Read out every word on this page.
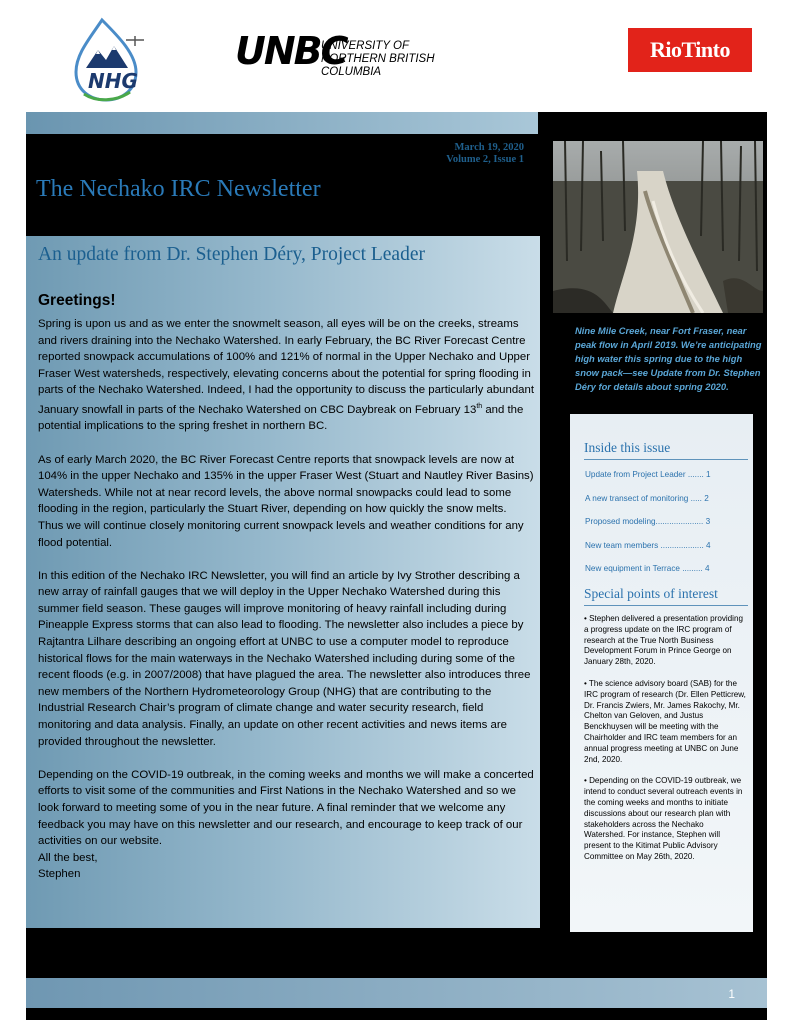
NHG
UNBC
UNIVERSITY OF
NORTHERN BRITISH COLUMBIA
RioTinto
March 19, 2020
Volume 2, Issue 1
The Nechako IRC Newsletter
An update from Dr. Stephen Déry, Project Leader
Greetings!

Spring is upon us and as we enter the snowmelt season, all eyes will be on the creeks, streams and rivers draining into the Nechako Watershed. In early February, the BC River Forecast Centre reported snowpack accumulations of 100% and 121% of normal in the Upper Nechako and Upper Fraser West watersheds, respectively, elevating concerns about the potential for spring flooding in parts of the Nechako Watershed. Indeed, I had the opportunity to discuss the particularly abundant January snowfall in parts of the Nechako Watershed on CBC Daybreak on February 13th and the potential implications to the spring freshet in northern BC.

As of early March 2020, the BC River Forecast Centre reports that snowpack levels are now at 104% in the upper Nechako and 135% in the upper Fraser West (Stuart and Nautley River Basins) Watersheds. While not at near record levels, the above normal snowpacks could lead to some flooding in the region, particularly the Stuart River, depending on how quickly the snow melts. Thus we will continue closely monitoring current snowpack levels and weather conditions for any flood potential.

In this edition of the Nechako IRC Newsletter, you will find an article by Ivy Strother describing a new array of rainfall gauges that we will deploy in the Upper Nechako Watershed during this summer field season. These gauges will improve monitoring of heavy rainfall including during Pineapple Express storms that can also lead to flooding. The newsletter also includes a piece by Rajtantra Lilhare describing an ongoing effort at UNBC to use a computer model to reproduce historical flows for the main waterways in the Nechako Watershed including during some of the recent floods (e.g. in 2007/2008) that have plagued the area. The newsletter also introduces three new members of the Northern Hydrometeorology Group (NHG) that are contributing to the Industrial Research Chair’s program of climate change and water security research, field monitoring and data analysis. Finally, an update on other recent activities and news items are provided throughout the newsletter.

Depending on the COVID-19 outbreak, in the coming weeks and months we will make a concerted efforts to visit some of the communities and First Nations in the Nechako Watershed and so we look forward to meeting some of you in the near future. A final reminder that we welcome any feedback you may have on this newsletter and our research, and encourage to keep track of our activities on our website.

All the best,
Stephen
Nine Mile Creek, near Fort Fraser, near peak flow in April 2019. We’re anticipating high water this spring due to the high snow pack—see Update from Dr. Stephen Déry for details about spring 2020.
Inside this issue
Update from Project Leader ....... 1
A new transect of monitoring ..... 2
Proposed modeling..................... 3
New team members ................... 4
New equipment in Terrace ......... 4
Special points of interest

• Stephen delivered a presentation providing a progress update on the IRC program of research at the True North Business Development Forum in Prince George on January 28th, 2020.

• The science advisory board (SAB) for the IRC program of research (Dr. Ellen Petticrew, Dr. Francis Zwiers, Mr. James Rakochy, Mr. Chelton van Geloven, and Justus Benckhuysen will be meeting with the Chairholder and IRC team members for an annual progress meeting at UNBC on June 2nd, 2020.

• Depending on the COVID-19 outbreak, we intend to conduct several outreach events in the coming weeks and months to initiate discussions about our research plan with stakeholders across the Nechako Watershed. For instance, Stephen will present to the Kitimat Public Advisory Committee on May 26th, 2020.

1
